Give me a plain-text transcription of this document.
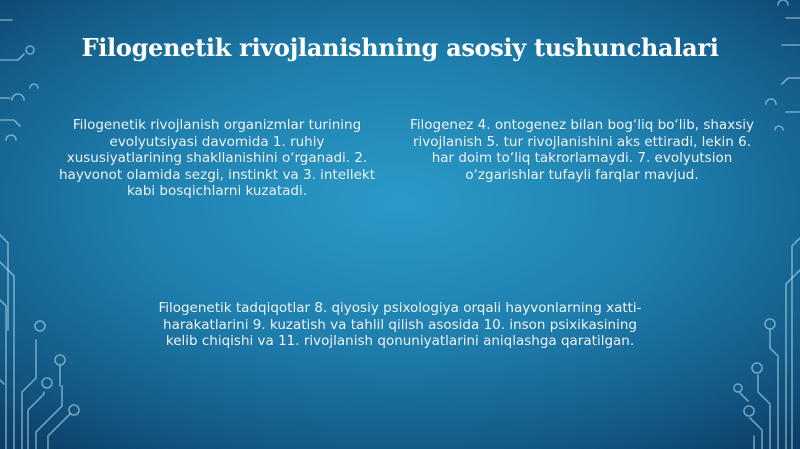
Filogenetik rivojlanishning asosiy tushunchalari

Filogenetik rivojlanish organizmlar turining evolyutsiyasi davomida 1. ruhiy xususiyatlarining shakllanishini o‘rganadi. 2. hayvonot olamida sezgi, instinkt va 3. intellekt kabi bosqichlarni kuzatadi.

Filogenez 4. ontogenez bilan bog‘liq bo‘lib, shaxsiy rivojlanish 5. tur rivojlanishini aks ettiradi, lekin 6. har doim to‘liq takrorlamaydi. 7. evolyutsion o‘zgarishlar tufayli farqlar mavjud.

Filogenetik tadqiqotlar 8. qiyosiy psixologiya orqali hayvonlarning xatti-harakatlarini 9. kuzatish va tahlil qilish asosida 10. inson psixikasining kelib chiqishi va 11. rivojlanish qonuniyatlarini aniqlashga qaratilgan.
